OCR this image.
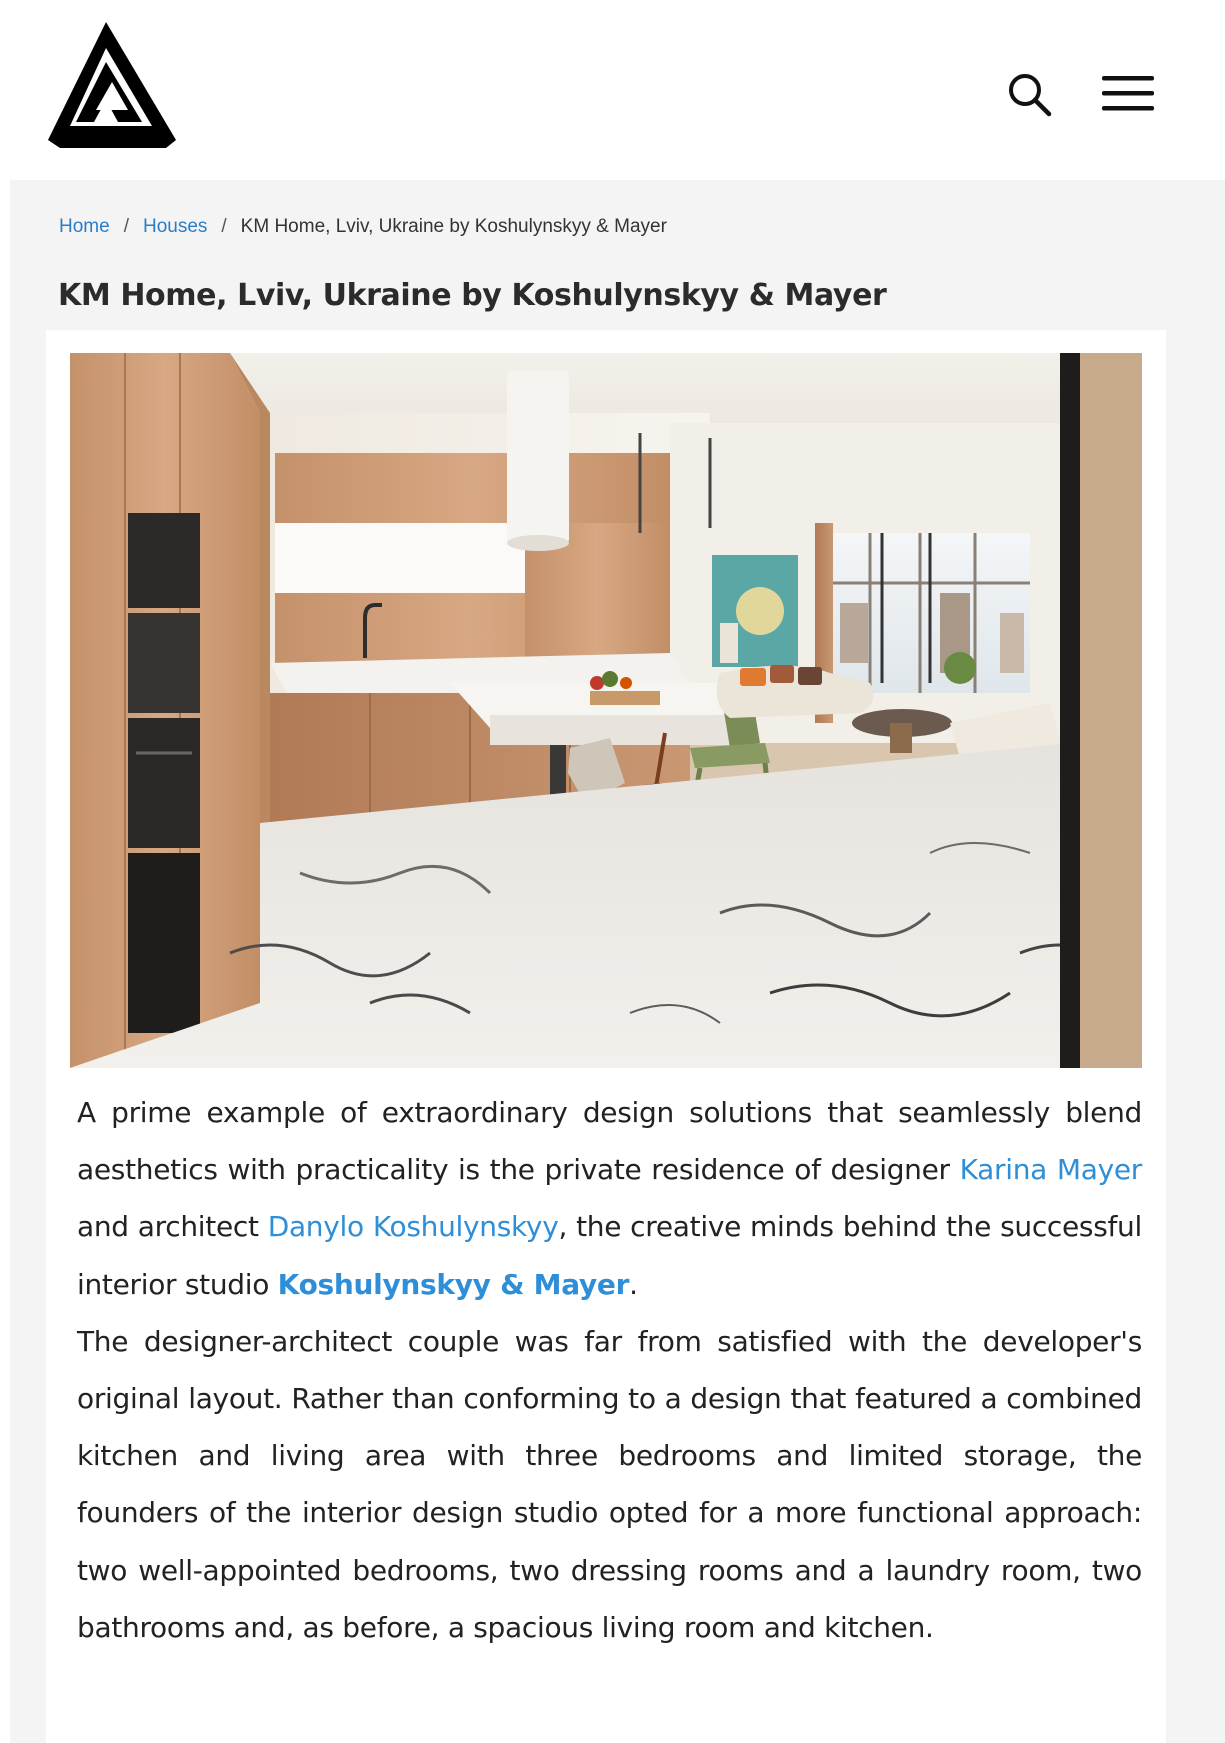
Home / Houses / KM Home, Lviv, Ukraine by Koshulynskyy & Mayer
KM Home, Lviv, Ukraine by Koshulynskyy & Mayer

A prime example of extraordinary design solutions that seamlessly blend aesthetics with practicality is the private residence of designer Karina Mayer and architect Danylo Koshulynskyy, the creative minds behind the successful interior studio Koshulynskyy & Mayer.

The designer-architect couple was far from satisfied with the developer's original layout. Rather than conforming to a design that featured a combined kitchen and living area with three bedrooms and limited storage, the founders of the interior design studio opted for a more functional approach: two well-appointed bedrooms, two dressing rooms and a laundry room, two bathrooms and, as before, a spacious living room and kitchen.
